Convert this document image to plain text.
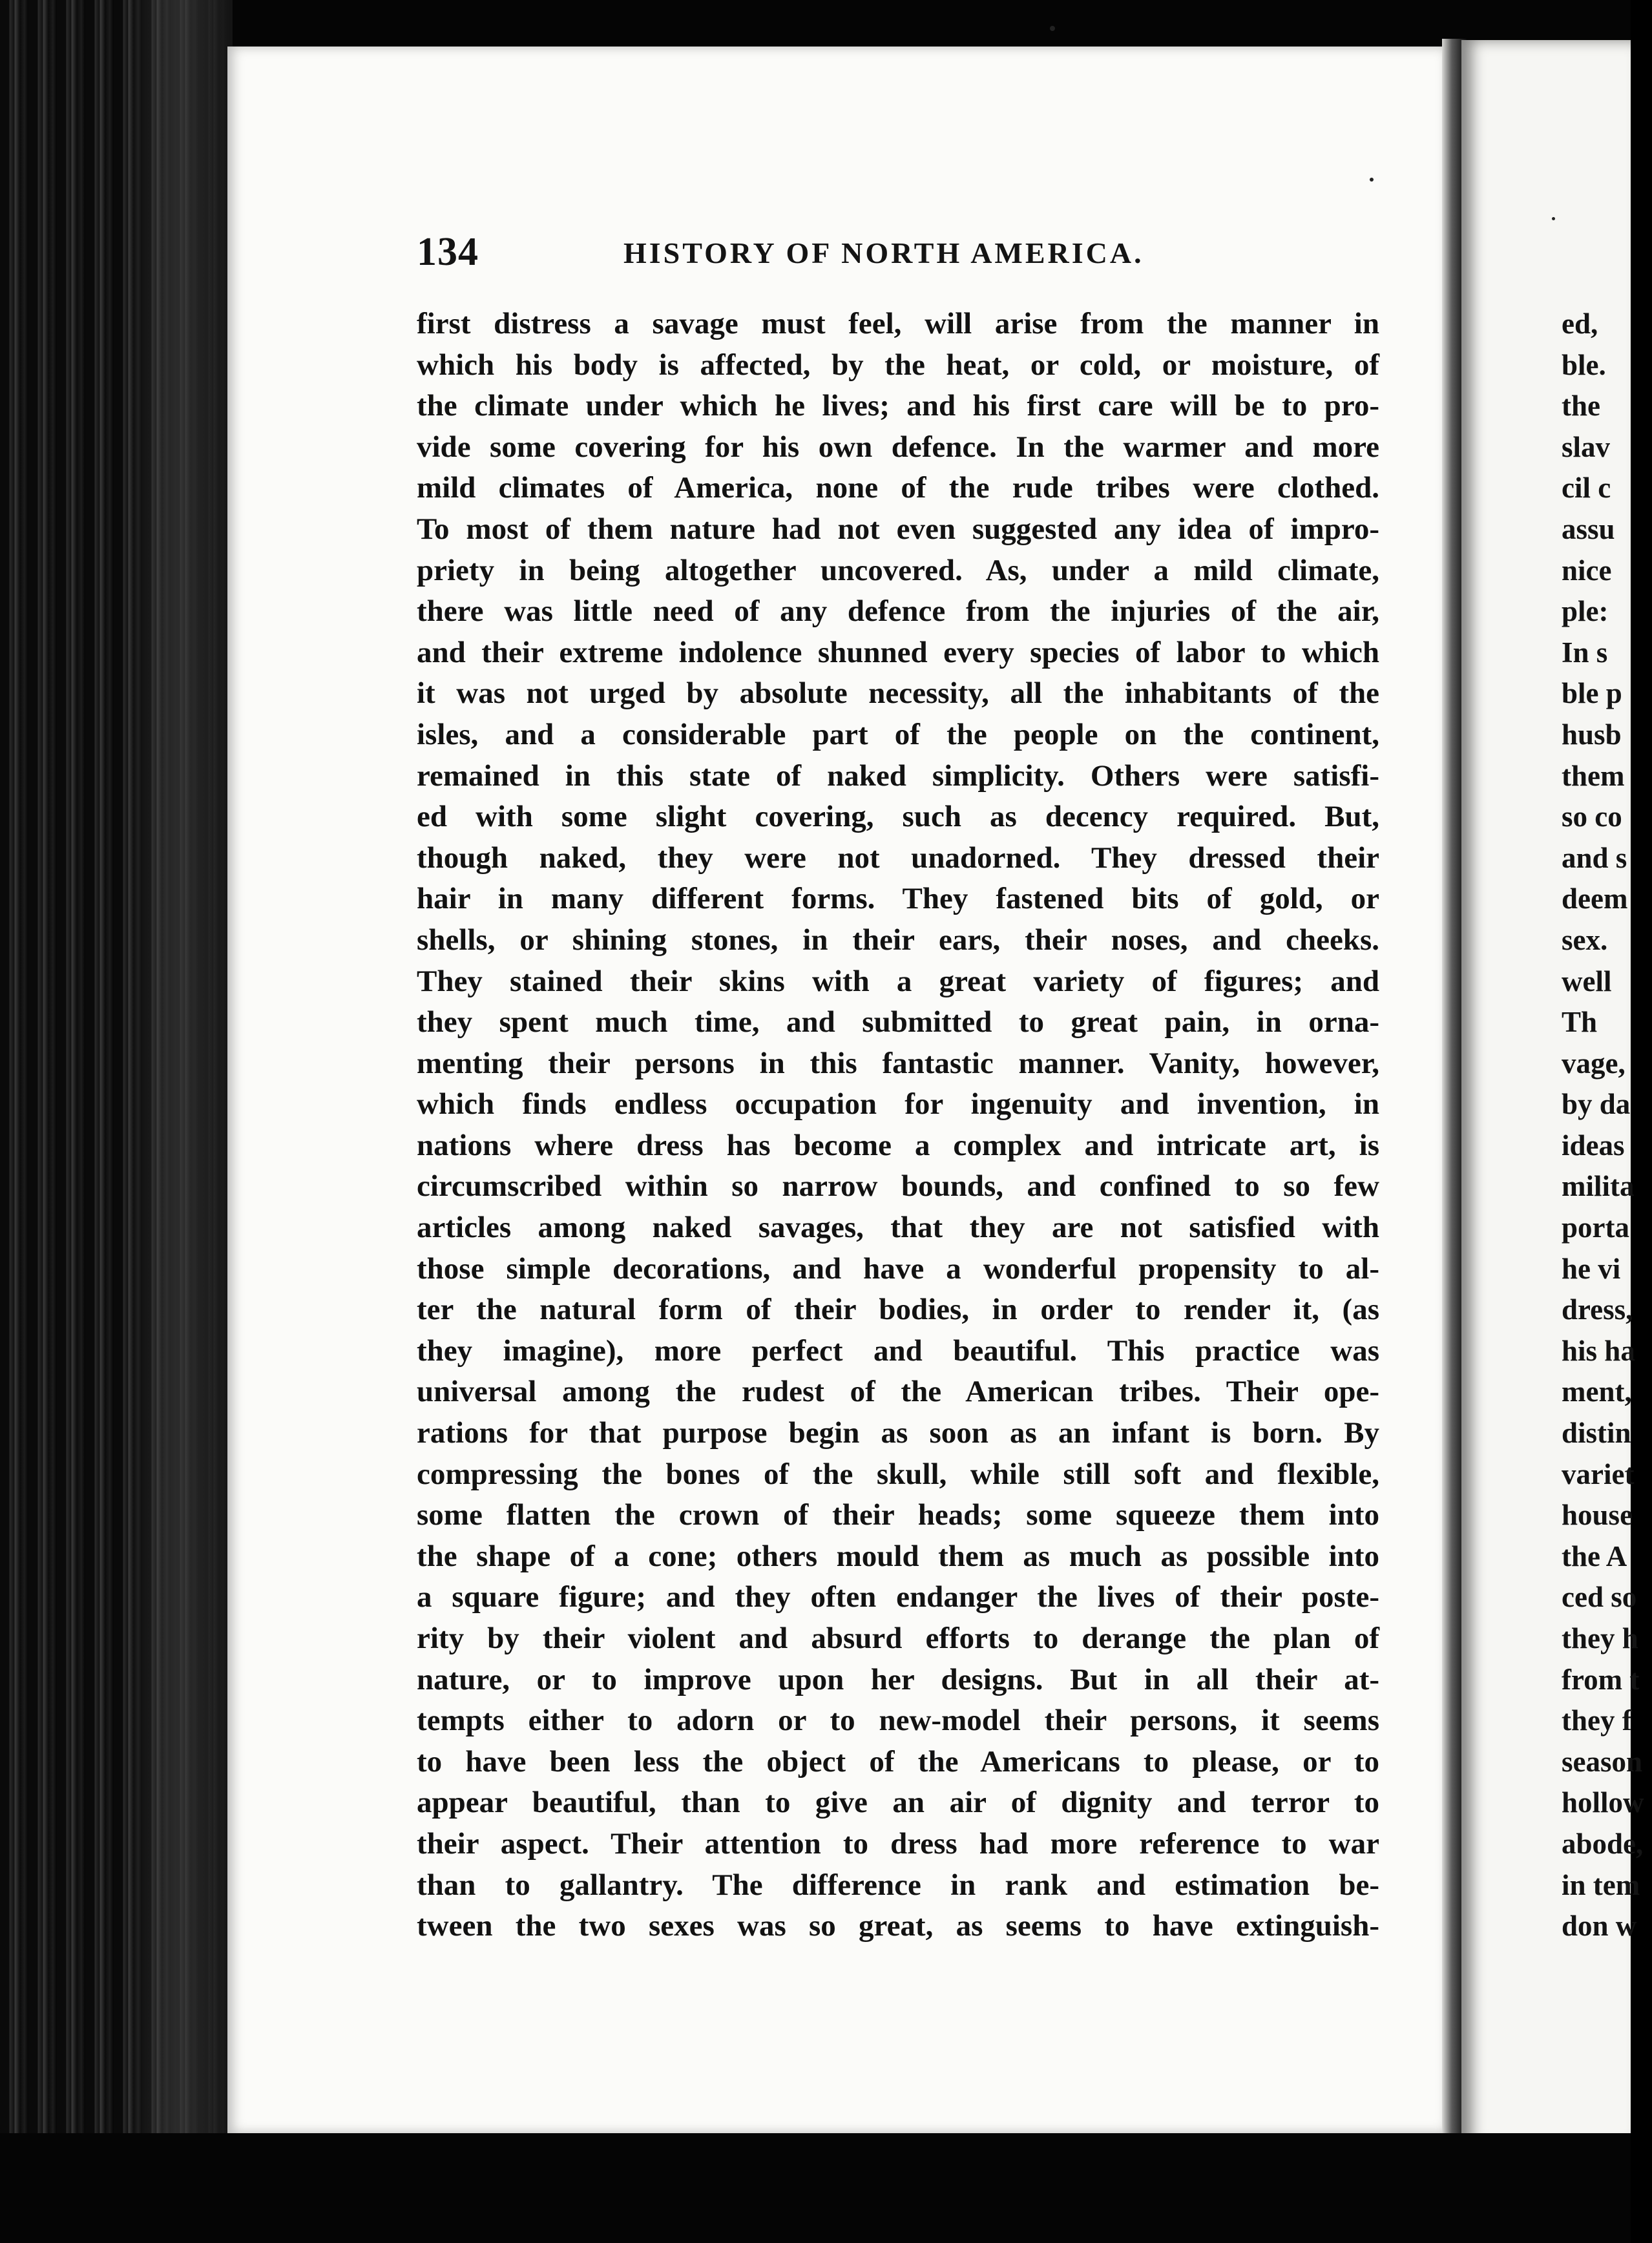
134	HISTORY OF NORTH AMERICA.
first distress a savage must feel, will arise from the manner in
which his body is affected, by the heat, or cold, or moisture, of
the climate under which he lives; and his first care will be to pro-
vide some covering for his own defence. In the warmer and more
mild climates of America, none of the rude tribes were clothed.
To most of them nature had not even suggested any idea of impro-
priety in being altogether uncovered. As, under a mild climate,
there was little need of any defence from the injuries of the air,
and their extreme indolence shunned every species of labor to which
it was not urged by absolute necessity, all the inhabitants of the
isles, and a considerable part of the people on the continent,
remained in this state of naked simplicity. Others were satisfi-
ed with some slight covering, such as decency required. But,
though naked, they were not unadorned. They dressed their
hair in many different forms. They fastened bits of gold, or
shells, or shining stones, in their ears, their noses, and cheeks.
They stained their skins with a great variety of figures; and
they spent much time, and submitted to great pain, in orna-
menting their persons in this fantastic manner. Vanity, however,
which finds endless occupation for ingenuity and invention, in
nations where dress has become a complex and intricate art, is
circumscribed within so narrow bounds, and confined to so few
articles among naked savages, that they are not satisfied with
those simple decorations, and have a wonderful propensity to al-
ter the natural form of their bodies, in order to render it, (as
they imagine), more perfect and beautiful. This practice was
universal among the rudest of the American tribes. Their ope-
rations for that purpose begin as soon as an infant is born. By
compressing the bones of the skull, while still soft and flexible,
some flatten the crown of their heads; some squeeze them into
the shape of a cone; others mould them as much as possible into
a square figure; and they often endanger the lives of their poste-
rity by their violent and absurd efforts to derange the plan of
nature, or to improve upon her designs. But in all their at-
tempts either to adorn or to new-model their persons, it seems
to have been less the object of the Americans to please, or to
appear beautiful, than to give an air of dignity and terror to
their aspect. Their attention to dress had more reference to war
than to gallantry. The difference in rank and estimation be-
tween the two sexes was so great, as seems to have extinguish-
ed,
ble.
the
slav
cil c
assu
nice
ple:
In s
ble p
husb
them
so co
and s
deem
sex.
well
Th
vage,
by da
ideas
milita
porta
he vi
dress,
his ha
ment,
distin
variet
house
the A
ced so
they h
from t
they f
season
hollow
abode,
in tem
don w
